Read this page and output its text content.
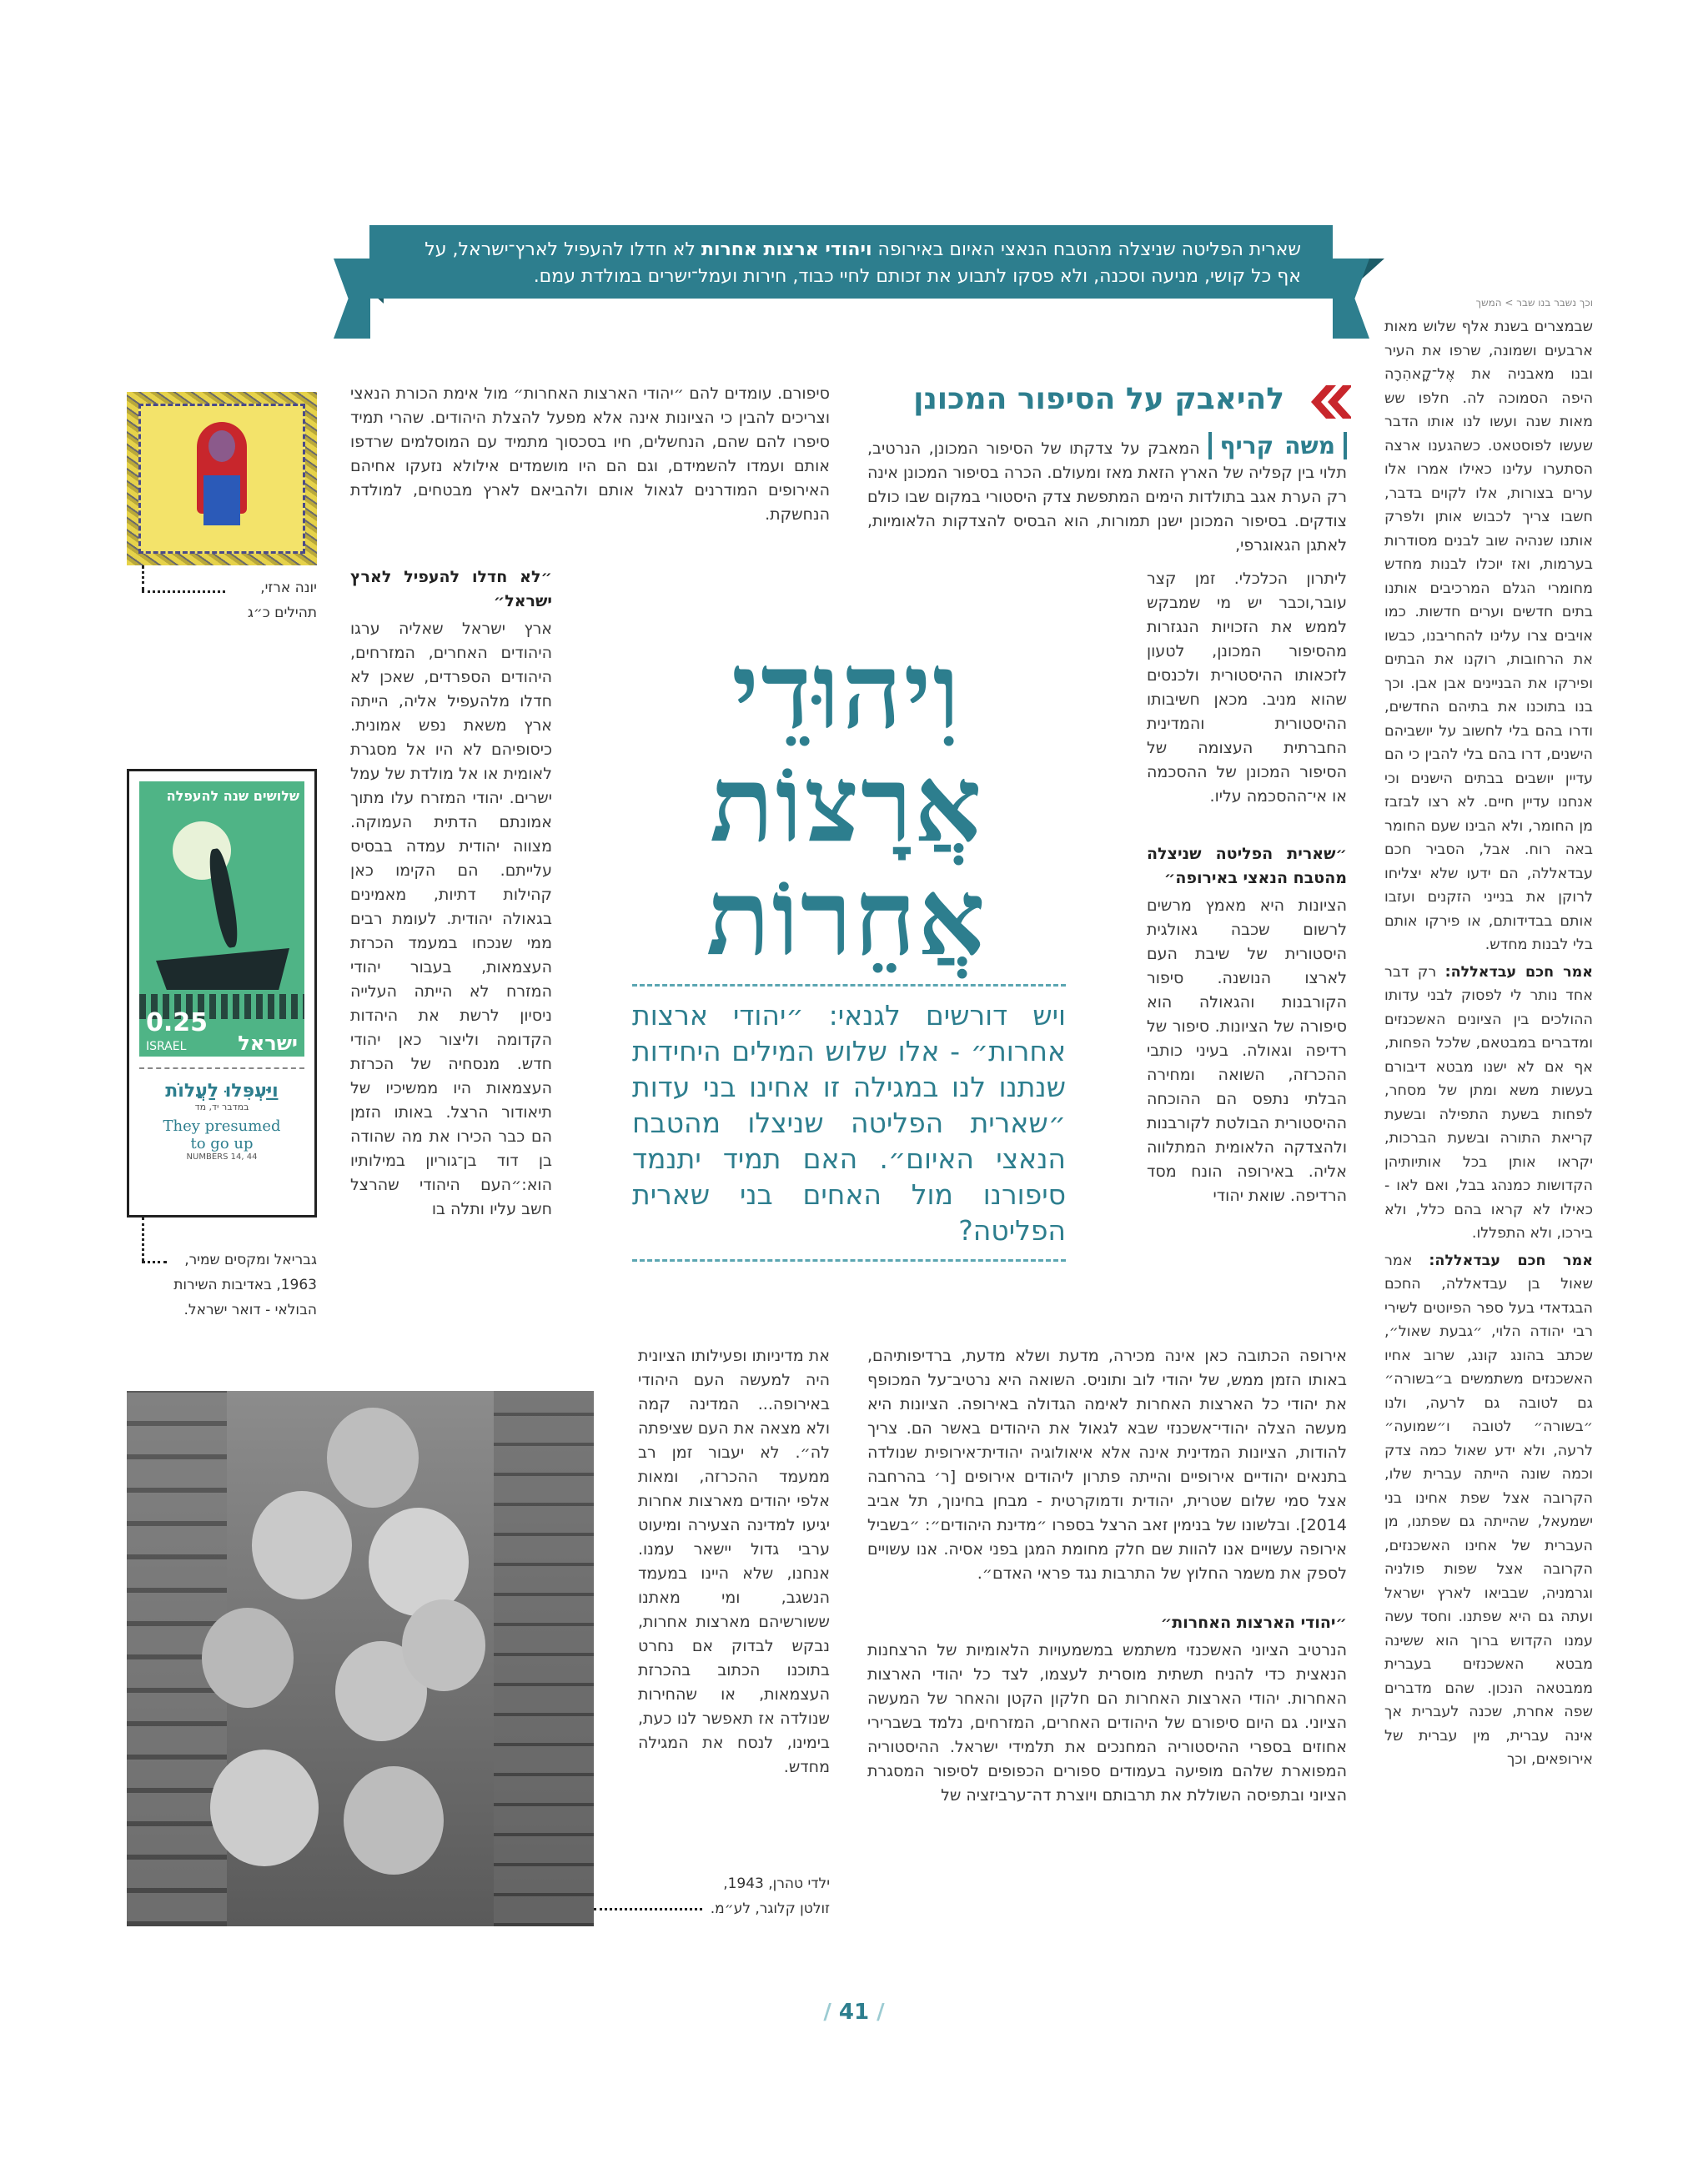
שארית הפליטה שניצלה מהטבח הנאצי האיום באירופה ויהודי ארצות אחרות לא חדלו להעפיל לארץ־ישראל, על
אף כל קושי, מניעה וסכנה, ולא פסקו לתבוע את זכותם לחיי כבוד, חירות ועמל־ישרים במולדת עמם.
וכך נשבר בנו שבר > המשך

שבמצרים בשנת אלף שלוש מאות ארבעים ושמונה, שרפו את העיר ובנו מאבניה את אֶל־קָאהִרָה היפה הסמוכה לה. חלפו שש מאות שנה ועשו לנו אותו הדבר שעשו לפוסטאט. כשהגענו ארצה הסתערו עלינו כאילו אמרו אלו ערים בצורות, אלו לקוים בדבר, חשבו צריך לכבוש אותן ולפרק אותנו שנהיה שוב לבנים מסודרות בערמות, ואז יוכלו לבנות מחדש מחומרי הגלם המרכיבים אותנו בתים חדשים וערים חדשות. כמו אויבים צרו עלינו להחריבנו, כבשו את הרחובות, רוקנו את הבתים ופירקו את הבניינים אבן אבן. וכך בנו בתוכנו את בתיהם החדשים, ודרו בהם בלי לחשוב על יושביהם הישנים, דרו בהם בלי להבין כי הם עדיין יושבים בבתים הישנים וכי אנחנו עדיין חיים. לא רצו לבזבז מן החומר, ולא הבינו שעם החומר באה רוח. אבל, הסביר חכם עבדאללה, הם ידעו שלא יצליחו לרוקן את בנייני הזקנים ועזבו אותם בבדידותם, או פירקו אותם בלי לבנות מחדש.

אמר חכם עבדאללה: רק דבר אחד נותר לי לפסוק לבני עדותו ההולכים בין הציונים האשכנזים ומדברים במבטאם, שלכל הפחות, אף אם לא ישנו מבטא דיבורם בעשות משא ומתן של מסחר, לפחות בשעת התפילה ובשעת קריאת התורה ובשעת הברכות, יקראו אותן בכל אותיותיהן הקדושות כמנהג בבל, ואם לאו - כאילו לא קראו בהם כלל, ולא בירכו, ולא התפללו.

אמר חכם עבדאללה: אמר שאול בן עבדאללה, החכם הבגדאדי בעל ספר הפיוטים לשירי רבי יהודה הלוי, ״גבעת שאול״, שכתב בהונג קונג, שרוב אחיו האשכנזים משתמשים ב״בשורה״ גם לטובה גם לרעה, ולנו ״בשורה״ לטובה ו״שמועה״ לרעה, ולא ידע שאול כמה צדק וכמה שונה הייתה עברית שלו, הקרובה אצל שפת אחינו בני ישמעאל, שהייתה גם שפתנו, מן העברית של אחינו האשכנזים, הקרובה אצל שפות פולניה וגרמניה, שבביאו לארץ ישראל ועתה גם היא שפתנו. וחסד עשה עמנו הקדוש ברוך הוא ששינה מבטא האשכנזים בעברית ממבטאה הנכון. שהם מדברים שפה אחרת, שכנה לעברית אך אינה עברית, מין עברית של אירופאים, וכך

להיאבק על הסיפור המכונן
משה קריףהמאבק על צדקתו של הסיפור המכונן, הנרטיב, תלוי בין קפליה של הארץ הזאת מאז ומעולם. הכרה בסיפור המכונן אינה רק הערת אגב בתולדות הימים המתפשת צדק היסטורי במקום שבו כולם צודקים. בסיפור המכונן ישנן תמורות, הוא הבסיס להצדקות הלאומיות, לאתגן הגאוגרפי,

ליתרון הכלכלי. זמן קצר עובר,וכבר יש מי שמבקש לממש את הזכויות הנגזרות מהסיפור המכונן, לטעון לזכאותו ההיסטורית ולכנסים שהוא מניב. מכאן חשיבותו ההיסטורית והמדינית החברתית העצומה של הסיפור המכונן של ההסכמה או אי־ההסכמה עליו.

״שארית הפליטה שניצלה מהטבח הנאצי באירופה״

הציונות היא מאמץ מרשים לרשום שכבה גאולגית היסטורית של שיבת העם לארצו הנושנה. סיפור הקורבנות והגאולה הוא סיפורה של הציונות. סיפור של רדיפה וגאולה. בעיני כותבי ההכרזה, השואה ומחירה הבלתי נתפס הם ההוכחה ההיסטורית הבולטת לקורבנות ולהצדקה הלאומית המתלווה אליה. באירופה הונח מסד הרדיפה. שואת יהודי

וִיהוּדֵי
אֲרָצוֹת
אֲחֵרוֹת
ויש דורשים לגנאי: ״יהודי ארצות אחרות״ - אלו שלוש המילים היחידות שנתנו לנו במגילה זו אחינו בני עדות ״שארית הפליטה שניצלו מהטבח הנאצי האיום״. האם תמיד יתנמד סיפורנו מול האחים בני שארית הפליטה?

אירופה הכתובה כאן אינה מכירה, מדעת ושלא מדעת, ברדיפותיהם, באותו הזמן ממש, של יהודי לוב ותוניס. השואה היא נרטיב־על המכופף את יהודי כל הארצות האחרות לאימה הגדולה באירופה. הציונות היא מעשה הצלה יהודי־אשכנזי שבא לגאול את היהודים באשר הם. צריך להודות, הציונות המדינית אינה אלא איאולוגיה יהודית־אירופית שנולדה בתנאים יהודיים אירופיים והייתה פתרון ליהודים אירופים [ר׳ בהרחבה אצל סמי שלום שטרית, יהודית ודמוקרטית - מבחן בחינוך, תל אביב 2014]. ובלשונו של בנימין זאב הרצל בספרו ״מדינת היהודים״: ״בשביל אירופה עשויים אנו להוות שם חלק מחומת המגן בפני אסיה. אנו עשויים לספק את משמר החלוץ של התרבות נגד פראי האדם״.

״יהודי הארצות האחרות״

הנרטיב הציוני האשכנזי משתמש במשמעויות הלאומיות של הרצחנות הנאצית כדי להניח תשתית מוסרית לעצמו, לצד כל יהודי הארצות האחרות. יהודי הארצות האחרות הם חלקון הקטן והאחר של המעשה הציוני. גם היום סיפורם של היהודים האחרים, המזרחים, נלמד בשברירי אחוזים בספרי ההיסטוריה המחנכים את תלמידי ישראל. ההיסטוריה המפוארת שלהם מופיעה בעמודים ספורים הכפופים לסיפור המסגרת הציוני ובתפיסה השוללת את תרבותם ויוצרת דה־ערביזציה של

סיפורם. עומדים להם ״יהודי הארצות האחרות״ מול אימת הכורת הנאצי וצריכים להבין כי הציונות אינה אלא מפעל להצלת היהודים. שהרי תמיד סיפרו להם שהם, הנחשלים, חיו בסכסוך מתמיד עם המוסלמים שרדפו אותם ועמדו להשמידם, וגם הם היו מושמדים אילולא נזעקו אחיהם האירופים המודרנים לגאול אותם ולהביאם לארץ מבטחים, למולדת הנחשקת.

״לא חדלו להעפיל לארץ ישראל״

ארץ ישראל שאליה ערגו היהודים האחרים, המזרחים, היהודים הספרדים, שאכן לא חדלו מלהעפיל אליה, הייתה ארץ משאת נפש אמונית. כיסופיהם לא היו אל מסגרת לאומית או אל מולדת של עמל ישרים. יהודי המזרח עלו מתוך אמונתם הדתית העמוקה. מצווה יהודית עמדה בבסיס עלייתם. הם הקימו כאן קהילות דתיות, מאמינים בגאולה יהודית. לעומת רבים ממי שנכחו במעמד הכרזת העצמאות, בעבור יהודי המזרח לא הייתה העלייה ניסיון לרשת את היהדות הקדומה וליצור כאן יהודי חדש. מנסחיה של הכרזת העצמאות היו ממשיכיו של תיאודור הרצל. באותו הזמן הם כבר הכירו את מה שהודה בן דוד בן־גוריון במילותיו הוא:״העם היהודי שהרצל חשב עליו ותלה בו

את מדיניותו ופעילותו הציונית היה למעשה העם היהודי באירופה... המדינה קמה ולא מצאה את העם שציפתה לה״. לא יעבור זמן רב ממעמד ההכרזה, ומאות אלפי יהודים מארצות אחרות יגיעו למדינה הצעירה ומיעוט ערבי גדול יישאר עמנו. אנחנו, שלא היינו במעמד הנשגב, ומי מאתנו ששורשיהם מארצות אחרות, נבקש לבדוק אם נחרט בתוכנו הכתוב בהכרזת העצמאות, או שהחירות שנולדה אז תאפשר לנו כעת, בימינו, לנסח את המגילה מחדש.
יונה ארזי,
תהילים כ״ג
שלושים שנה להעפלה
0.25
ישראל
ISRAEL
וַיַּעְפִּלוּ לַעֲלוֹת
במדבר יד, מד
They presumed
to go up
NUMBERS 14, 44
גבריאל ומקסים שמיר,
1963, באדיבות השירות
הבולאי - דואר ישראל.
ילדי טהרן, 1943,
זולטן קלוגר, לע״מ.
/ 41 /
